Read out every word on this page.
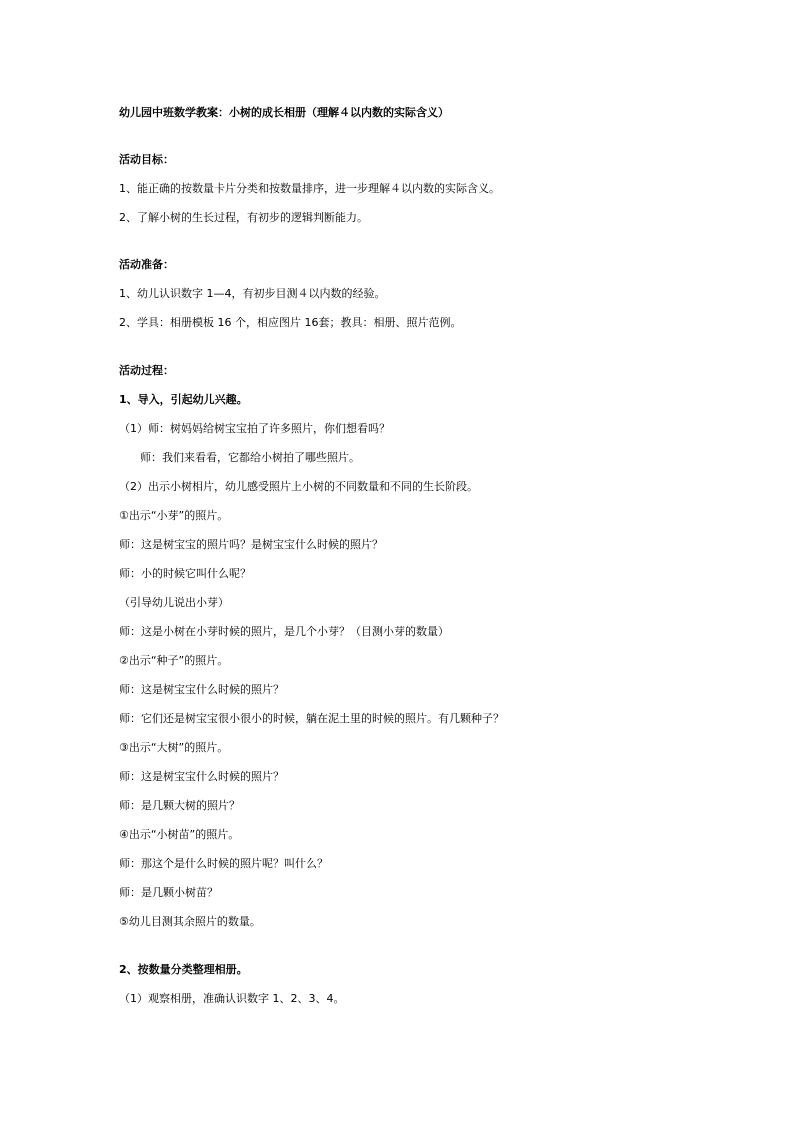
幼儿园中班数学教案：小树的成长相册（理解４以内数的实际含义）
活动目标：
1、能正确的按数量卡片分类和按数量排序，进一步理解４以内数的实际含义。
2、了解小树的生长过程，有初步的逻辑判断能力。
活动准备：
1、幼儿认识数字 1—4，有初步目测４以内数的经验。
2、学具：相册模板 16 个，相应图片 16套；教具：相册、照片范例。
活动过程：
1、导入，引起幼儿兴趣。
（1）师：树妈妈给树宝宝拍了许多照片，你们想看吗？
师：我们来看看，它都给小树拍了哪些照片。
（2）出示小树相片，幼儿感受照片上小树的不同数量和不同的生长阶段。
①出示“小芽”的照片。
师：这是树宝宝的照片吗？是树宝宝什么时候的照片？
师：小的时候它叫什么呢？
（引导幼儿说出小芽）
师：这是小树在小芽时候的照片，是几个小芽？（目测小芽的数量）
②出示“种子”的照片。
师：这是树宝宝什么时候的照片？
师：它们还是树宝宝很小很小的时候，躺在泥土里的时候的照片。有几颗种子？
③出示“大树”的照片。
师：这是树宝宝什么时候的照片？
师：是几颗大树的照片？
④出示“小树苗”的照片。
师：那这个是什么时候的照片呢？叫什么？
师：是几颗小树苗？
⑤幼儿目测其余照片的数量。
2、按数量分类整理相册。
（1）观察相册，准确认识数字 1、2、3、4。
